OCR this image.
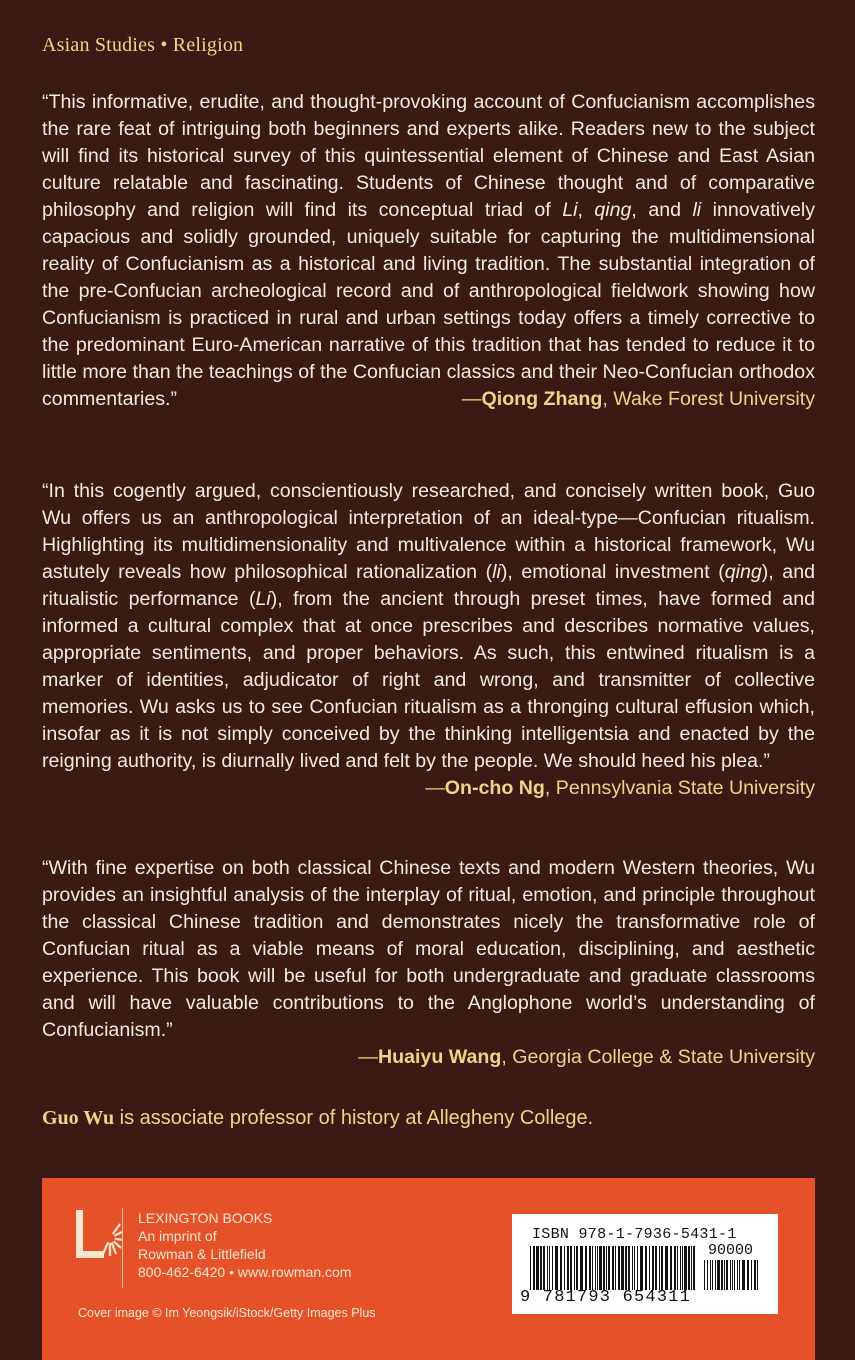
Asian Studies • Religion

“This informative, erudite, and thought-provoking account of Confucianism accomplishes the rare feat of intriguing both beginners and experts alike. Readers new to the subject will find its historical survey of this quintessential element of Chinese and East Asian culture relatable and fascinating. Students of Chinese thought and of comparative philosophy and religion will find its conceptual triad of Li, qing, and li innovatively capacious and solidly grounded, uniquely suitable for capturing the multidimensional reality of Confucianism as a historical and living tradition. The substantial integration of the pre-Confucian archeological record and of anthropological fieldwork showing how Confucianism is practiced in rural and urban settings today offers a timely corrective to the predominant Euro-American narrative of this tradition that has tended to reduce it to little more than the teachings of the Confucian classics and their Neo-Confucian orthodox commentaries.”	—Qiong Zhang, Wake Forest University

“In this cogently argued, conscientiously researched, and concisely written book, Guo Wu offers us an anthropological interpretation of an ideal-type—Confucian ritualism. Highlighting its multidimensionality and multivalence within a historical framework, Wu astutely reveals how philosophical rationalization (li), emotional investment (qing), and ritualistic performance (Li), from the ancient through preset times, have formed and informed a cultural complex that at once prescribes and describes normative values, appropriate sentiments, and proper behaviors. As such, this entwined ritualism is a marker of identities, adjudicator of right and wrong, and transmitter of collective memories. Wu asks us to see Confucian ritualism as a thronging cultural effusion which, insofar as it is not simply conceived by the thinking intelligentsia and enacted by the reigning authority, is diurnally lived and felt by the people. We should heed his plea.”

—On-cho Ng, Pennsylvania State University

“With fine expertise on both classical Chinese texts and modern Western theories, Wu provides an insightful analysis of the interplay of ritual, emotion, and principle throughout the classical Chinese tradition and demonstrates nicely the transformative role of Confucian ritual as a viable means of moral education, disciplining, and aesthetic experience. This book will be useful for both undergraduate and graduate classrooms and will have valuable contributions to the Anglophone world’s understanding of Confucianism.”

—Huaiyu Wang, Georgia College & State University
Guo Wu is associate professor of history at Allegheny College.
LEXINGTON BOOKS
An imprint of
Rowman & Littlefield
800-462-6420 • www.rowman.com
Cover image © Im Yeongsik/iStock/Getty Images Plus
ISBN 978-1-7936-5431-1
90000
9 781793 654311
